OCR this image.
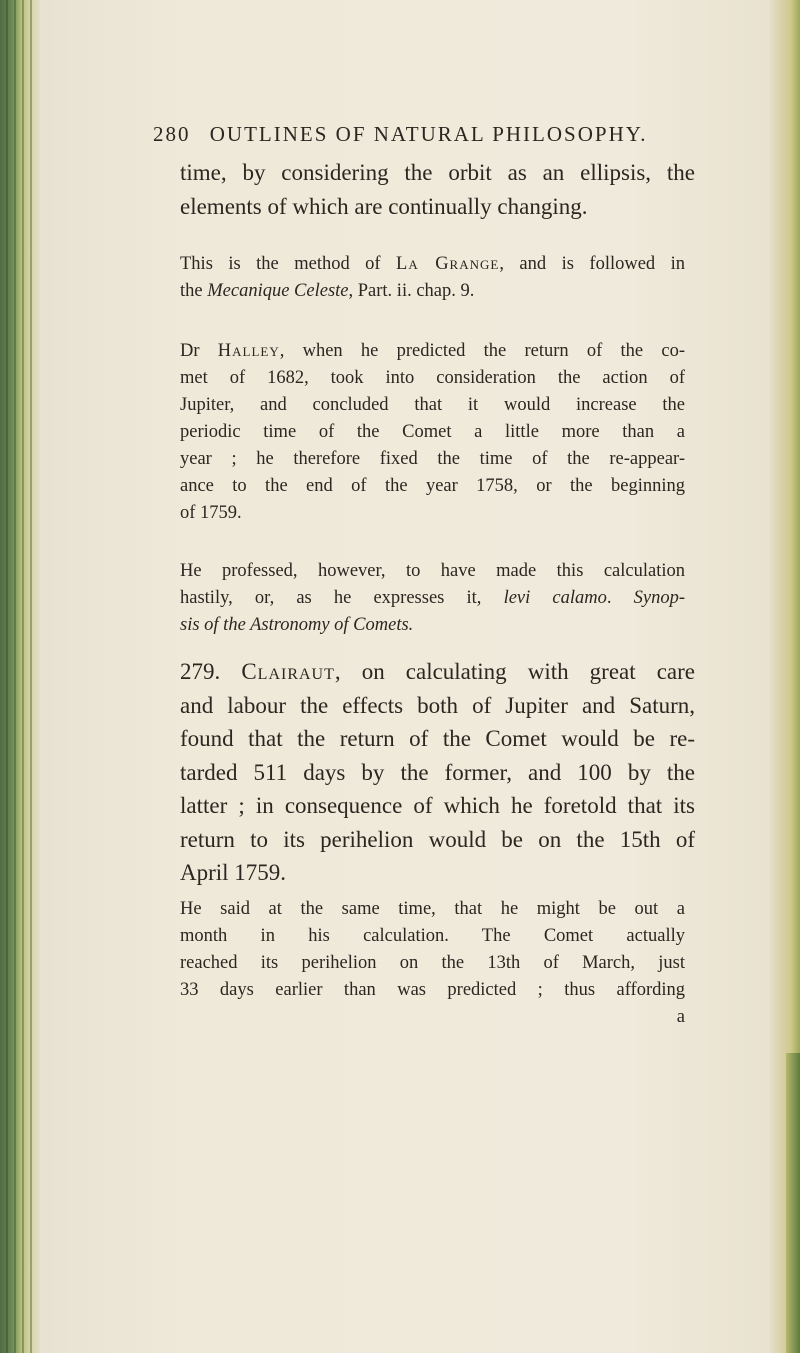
280 OUTLINES OF NATURAL PHILOSOPHY.
time, by considering the orbit as an ellipsis, the
elements of which are continually changing.
This is the method of La Grange, and is followed in
the Mecanique Celeste, Part. ii. chap. 9.
Dr Halley, when he predicted the return of the co-
met of 1682, took into consideration the action of
Jupiter, and concluded that it would increase the
periodic time of the Comet a little more than a
year ; he therefore fixed the time of the re-appear-
ance to the end of the year 1758, or the beginning
of 1759.
He professed, however, to have made this calculation
hastily, or, as he expresses it, levi calamo. Synop-
sis of the Astronomy of Comets.
279. Clairaut, on calculating with great care
and labour the effects both of Jupiter and Saturn,
found that the return of the Comet would be re-
tarded 511 days by the former, and 100 by the
latter ; in consequence of which he foretold that its
return to its perihelion would be on the 15th of
April 1759.
He said at the same time, that he might be out a
month in his calculation. The Comet actually
reached its perihelion on the 13th of March, just
33 days earlier than was predicted ; thus affording
a
